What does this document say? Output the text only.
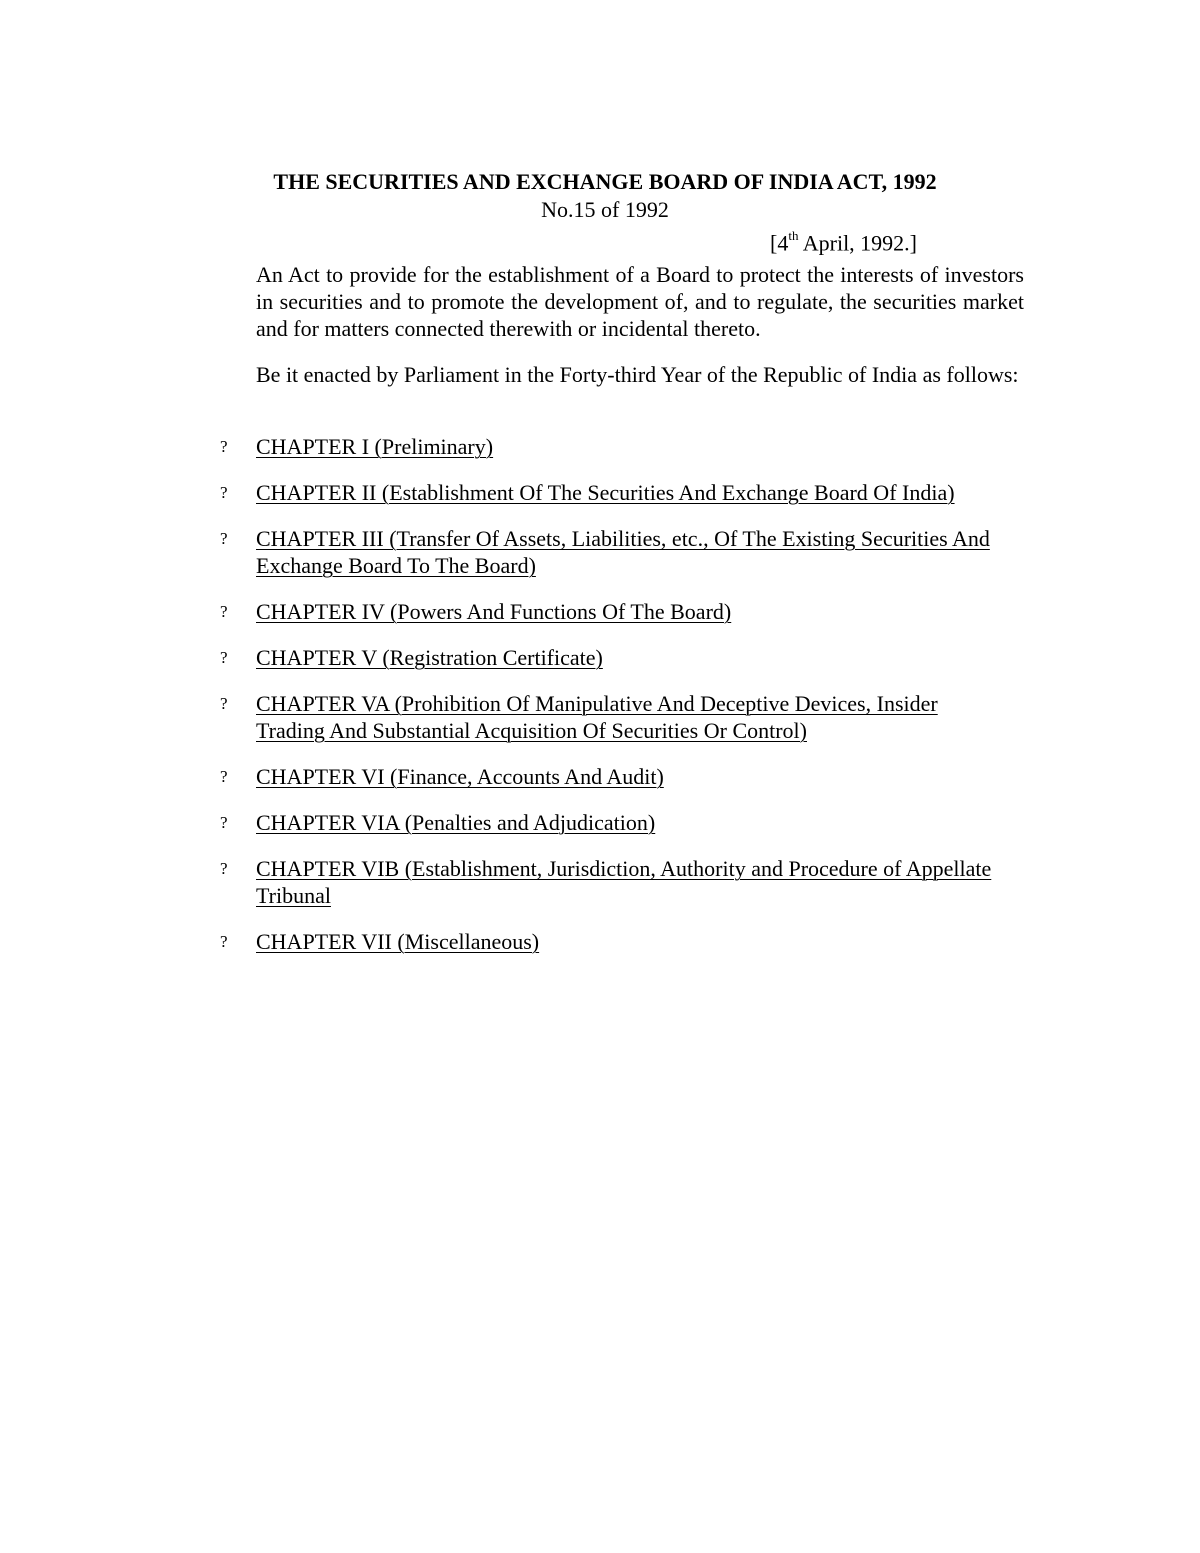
THE SECURITIES AND EXCHANGE BOARD OF INDIA ACT, 1992
No.15 of 1992
[4th April, 1992.]

An Act to provide for the establishment of a Board to protect the interests of investors in securities and to promote the development of, and to regulate, the securities market and for matters connected therewith or incidental thereto.

Be it enacted by Parliament in the Forty-third Year of the Republic of India as follows:

?	CHAPTER I (Preliminary)
?	CHAPTER II (Establishment Of The Securities And Exchange Board Of India)
?	CHAPTER III (Transfer Of Assets, Liabilities, etc., Of The Existing Securities And Exchange Board To The Board)
?	CHAPTER IV (Powers And Functions Of The Board)
?	CHAPTER V (Registration Certificate)
?	CHAPTER VA (Prohibition Of Manipulative And Deceptive Devices, Insider Trading And Substantial Acquisition Of Securities Or Control)
?	CHAPTER VI (Finance, Accounts And Audit)
?	CHAPTER VIA (Penalties and Adjudication)
?	CHAPTER VIB (Establishment, Jurisdiction, Authority and Procedure of Appellate Tribunal
?	CHAPTER VII (Miscellaneous)
